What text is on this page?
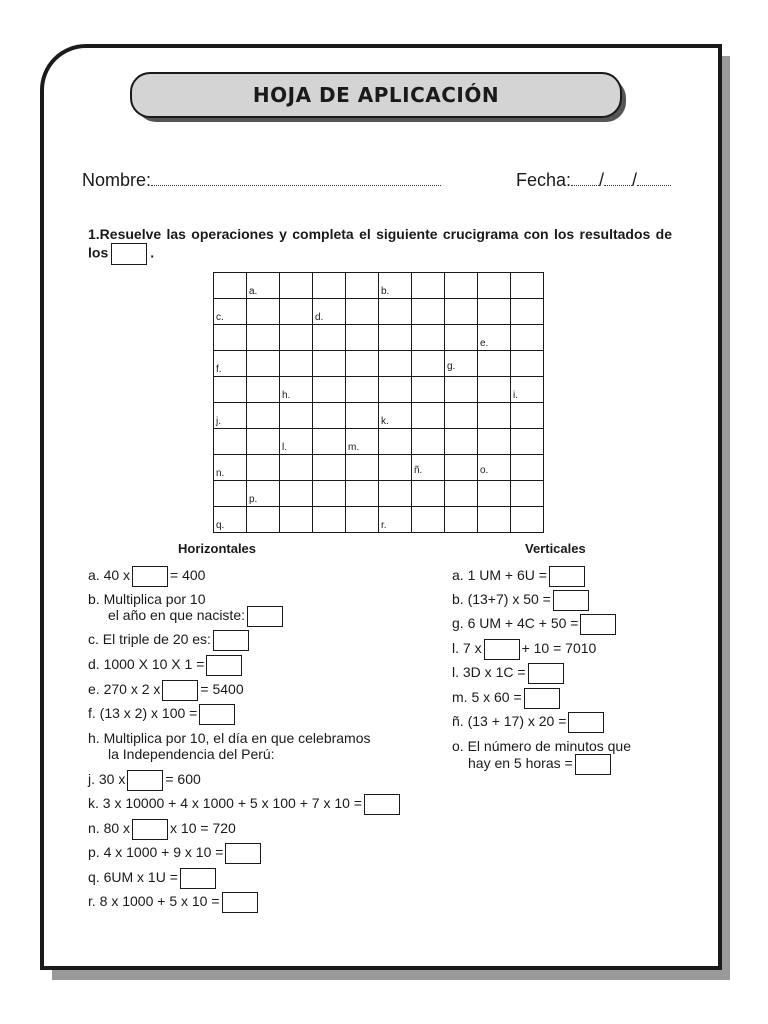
HOJA DE APLICACIÓN
Nombre:	Fecha: / /
1.Resuelve las operaciones y completa el siguiente crucigrama con los resultados de los	.

	a.				b.				

c.			d.						

								e.	

f.							g.		

		h.							i.

j.					k.				

		l.		m.					

n.						ñ.		o.	

	p.								

q.					r.				

Horizontales
a. 40 x	= 400
b. Multiplica por 10
el año en que naciste:
c. El triple de 20 es:
d. 1000 X 10 X 1 =
e. 270 x 2 x	= 5400
f. (13 x 2) x 100 =
h. Multiplica por 10, el día en que celebramos
la Independencia del Perú:
j. 30 x	= 600
k. 3 x 10000 + 4 x 1000 + 5 x 100 + 7 x 10 =
n. 80 x	x 10 = 720
p. 4 x 1000 + 9 x 10 =
q. 6UM x 1U =
r. 8 x 1000 + 5 x 10 =
Verticales
a. 1 UM + 6U =
b. (13+7) x 50 =
g. 6 UM + 4C + 50 =
l. 7 x	+ 10 = 7010
l. 3D x 1C =
m. 5 x 60 =
ñ. (13 + 17) x 20 =
o. El número de minutos que
hay en 5 horas =
